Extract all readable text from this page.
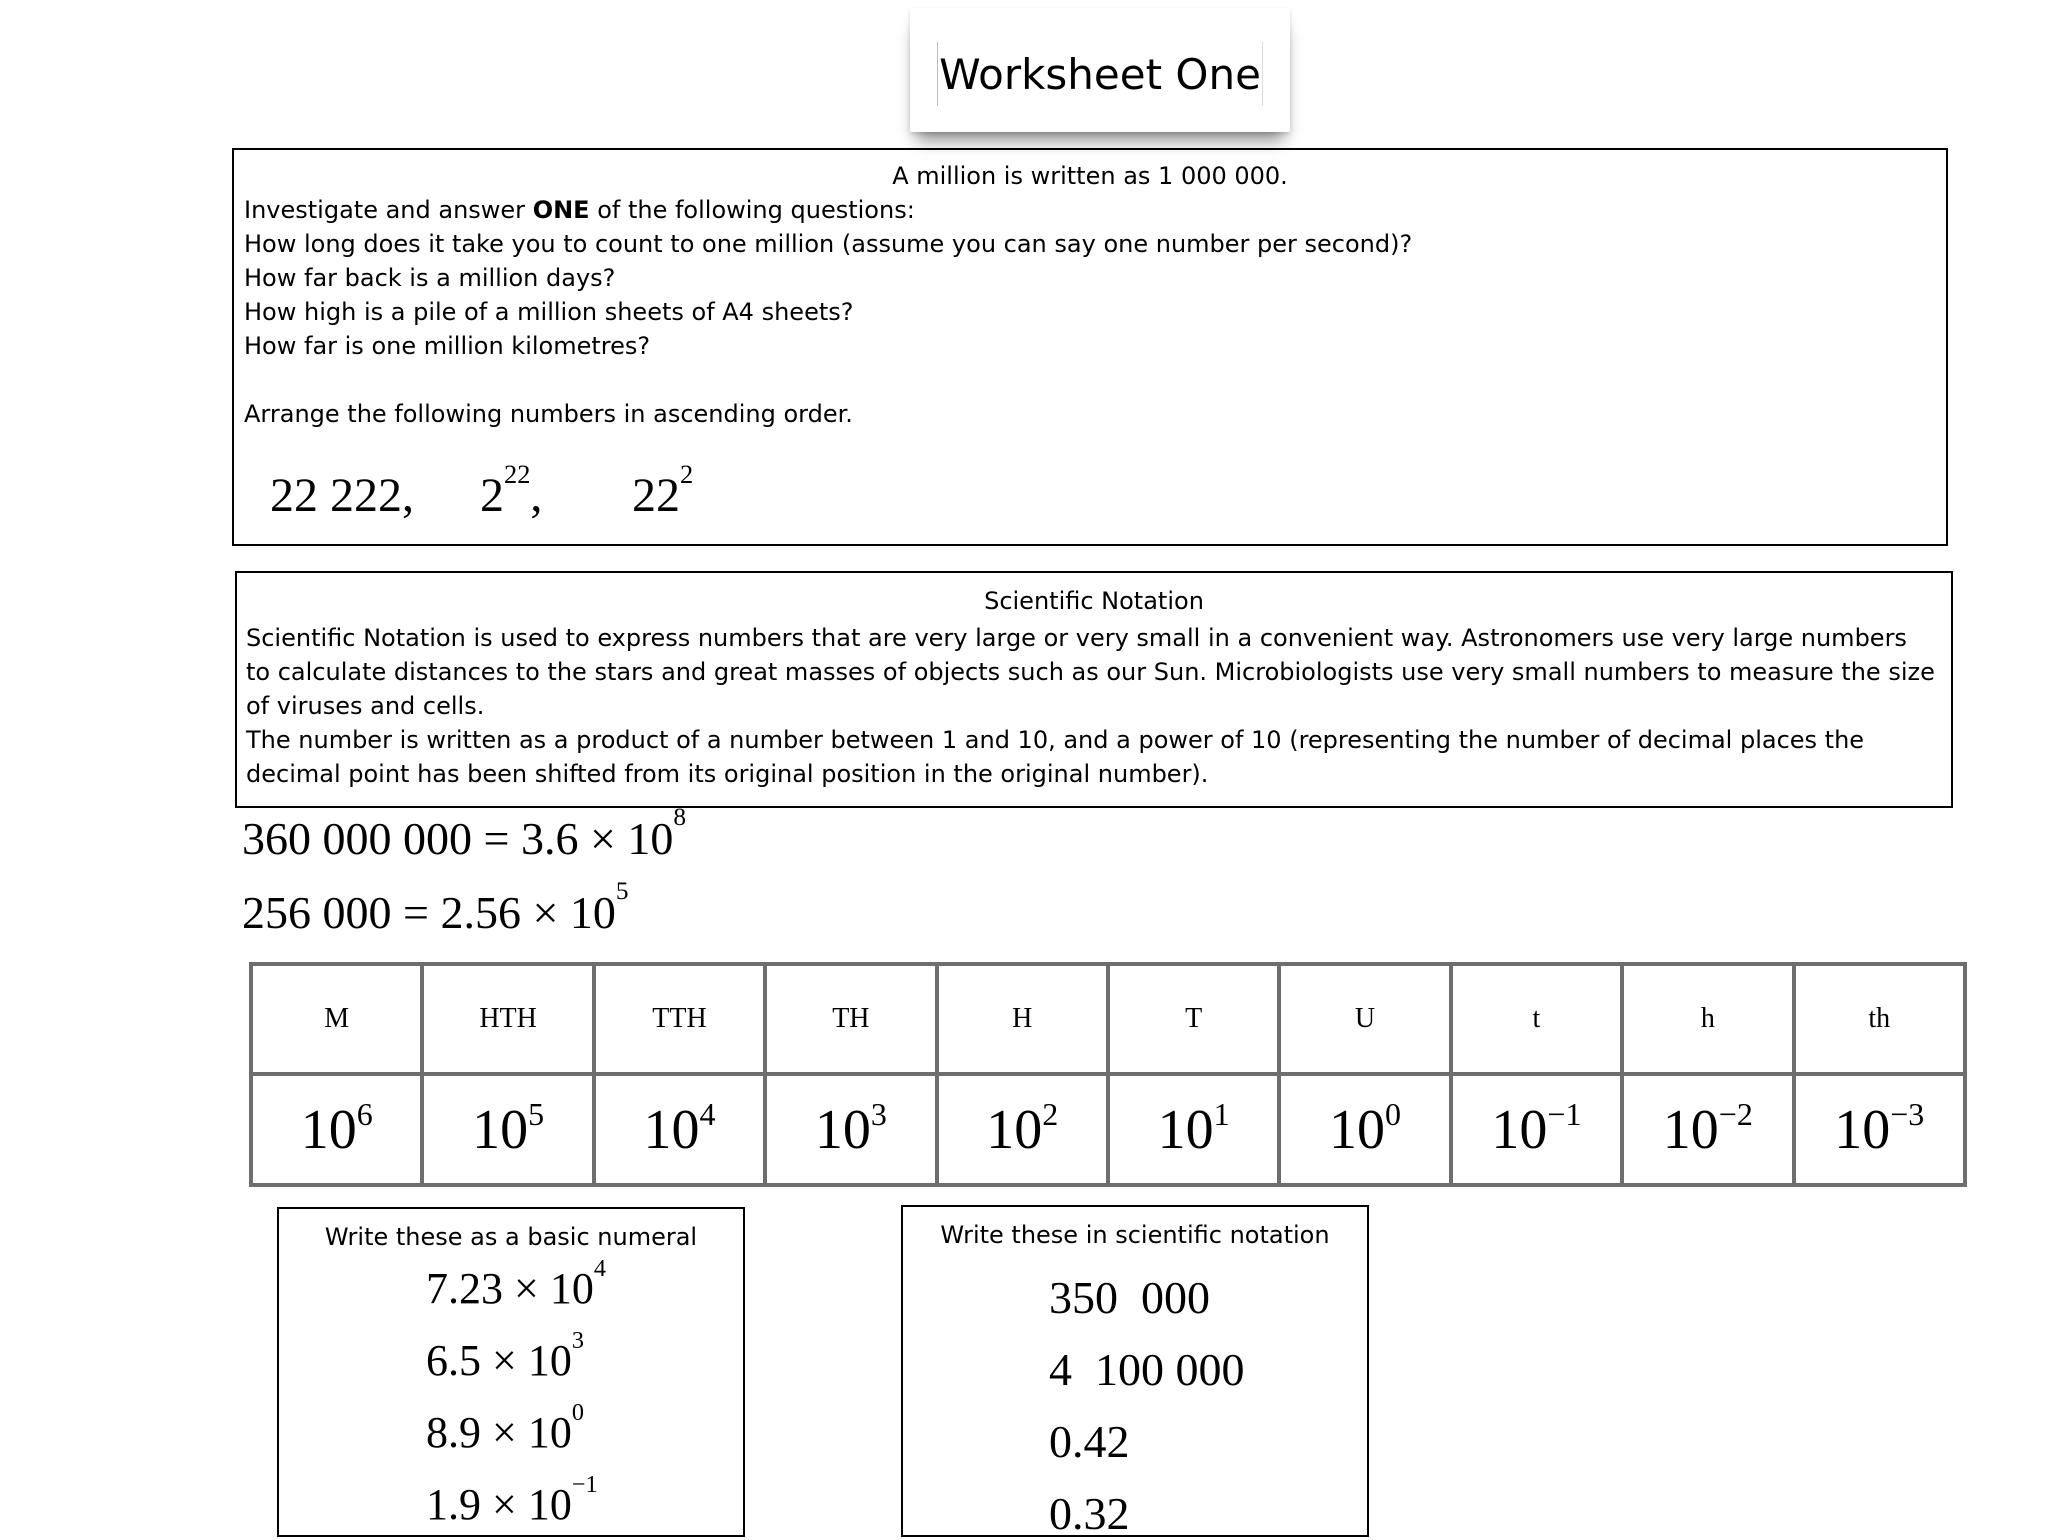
Worksheet One
A million is written as 1 000 000.
Investigate and answer ONE of the following questions:
How long does it take you to count to one million (assume you can say one number per second)?
How far back is a million days?
How high is a pile of a million sheets of A4 sheets?
How far is one million kilometres?
Arrange the following numbers in ascending order.
22 222, $2^{22}$, $22^2$
Scientific Notation
Scientific Notation is used to express numbers that are very large or very small in a convenient way. Astronomers use very large numbers to calculate distances to the stars and great masses of objects such as our Sun. Microbiologists use very small numbers to measure the size of viruses and cells.
The number is written as a product of a number between 1 and 10, and a power of 10 (representing the number of decimal places the decimal point has been shifted from its original position in the original number).
360 000 $000 = 3.6 \times 10^8$
256 $000 = 2.56 \times 10^5$
M	HTH	TTH	TH	H	T	U	t	h	th
$10^6$	$10^5$	$10^4$	$10^3$	$10^2$	$10^1$	$10^0$	$10^{-1}$	$10^{-2}$	$10^{-3}$
Write these as a basic numeral
$7.23 \times 10^4$
$6.5 \times 10^3$
$8.9 \times 10^0$
$1.9 \times 10^{-1}$
Write these in scientific notation
350  000
4  100 000
0.42
0.32
